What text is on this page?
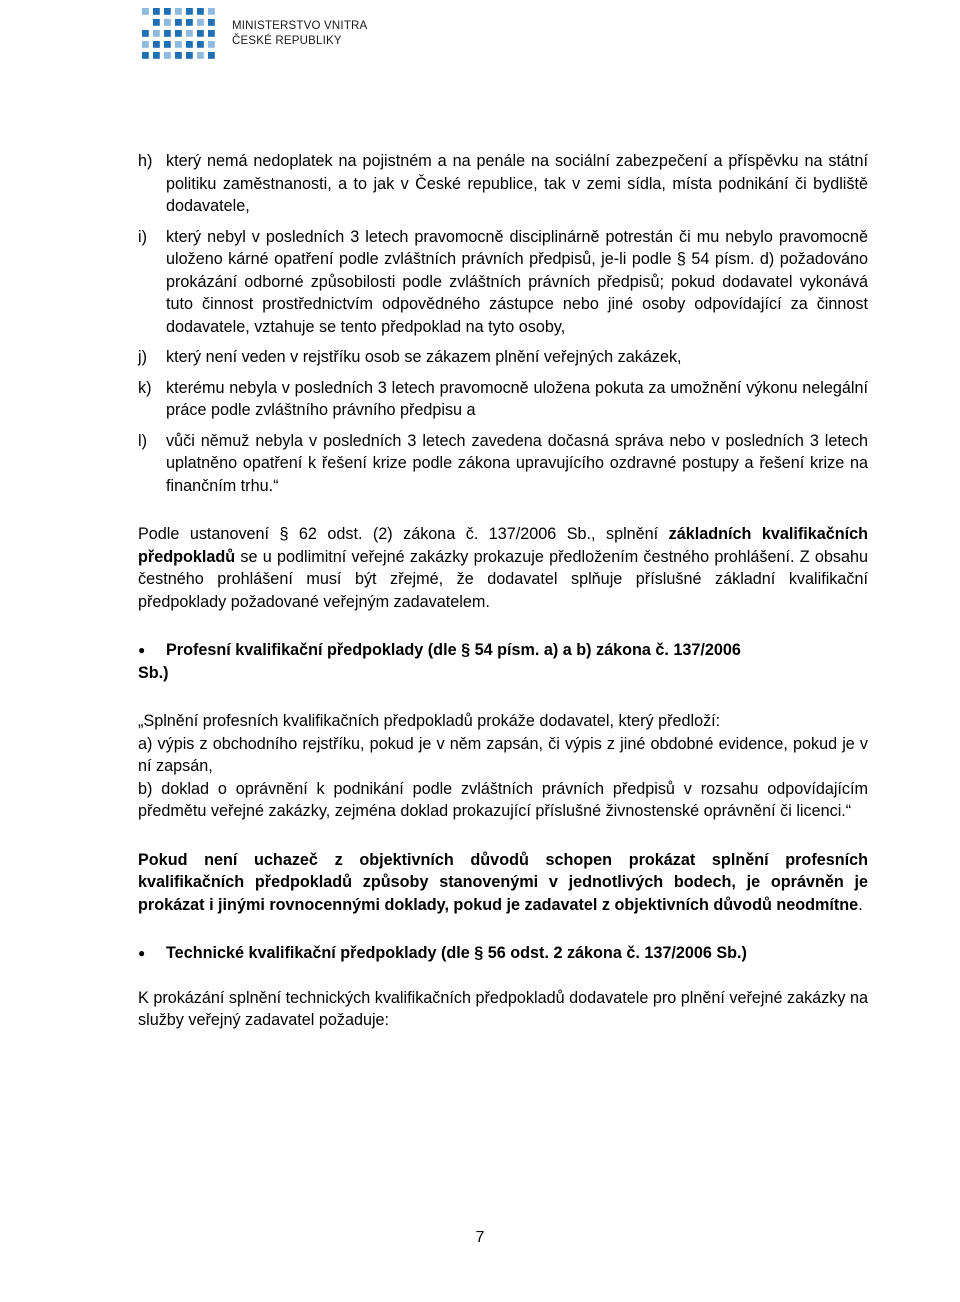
MINISTERSTVO VNITRA
ČESKÉ REPUBLIKY
h) který nemá nedoplatek na pojistném a na penále na sociální zabezpečení a příspěvku na státní politiku zaměstnanosti, a to jak v České republice, tak v zemi sídla, místa podnikání či bydliště dodavatele,
i)	který nebyl v posledních 3 letech pravomocně disciplinárně potrestán či mu nebylo pravomocně uloženo kárné opatření podle zvláštních právních předpisů, je-li podle § 54 písm. d) požadováno prokázání odborné způsobilosti podle zvláštních právních předpisů; pokud dodavatel vykonává tuto činnost prostřednictvím odpovědného zástupce nebo jiné osoby odpovídající za činnost dodavatele, vztahuje se tento předpoklad na tyto osoby,
j)	který není veden v rejstříku osob se zákazem plnění veřejných zakázek,
k) kterému nebyla v posledních 3 letech pravomocně uložena pokuta za umožnění výkonu nelegální práce podle zvláštního právního předpisu a
l)	vůči němuž nebyla v posledních 3 letech zavedena dočasná správa nebo v posledních 3 letech uplatněno opatření k řešení krize podle zákona upravujícího ozdravné postupy a řešení krize na finančním trhu.“

Podle ustanovení § 62 odst. (2) zákona č. 137/2006 Sb., splnění základních kvalifikačních předpokladů se u podlimitní veřejné zakázky prokazuje předložením čestného prohlášení. Z obsahu čestného prohlášení musí být zřejmé, že dodavatel splňuje příslušné základní kvalifikační předpoklady požadované veřejným zadavatelem.

●	Profesní kvalifikační předpoklady (dle § 54 písm. a) a b) zákona č. 137/2006
Sb.)

„Splnění profesních kvalifikačních předpokladů prokáže dodavatel, který předloží:

a) výpis z obchodního rejstříku, pokud je v něm zapsán, či výpis z jiné obdobné evidence, pokud je v ní zapsán,

b) doklad o oprávnění k podnikání podle zvláštních právních předpisů v rozsahu odpovídajícím předmětu veřejné zakázky, zejména doklad prokazující příslušné živnostenské oprávnění či licenci.“

Pokud není uchazeč z objektivních důvodů schopen prokázat splnění profesních kvalifikačních předpokladů způsoby stanovenými v jednotlivých bodech, je oprávněn je prokázat i jinými rovnocennými doklady, pokud je zadavatel z objektivních důvodů neodmítne.

●	Technické kvalifikační předpoklady (dle § 56 odst. 2 zákona č. 137/2006 Sb.)

K prokázání splnění technických kvalifikačních předpokladů dodavatele pro plnění veřejné zakázky na služby veřejný zadavatel požaduje:

7
